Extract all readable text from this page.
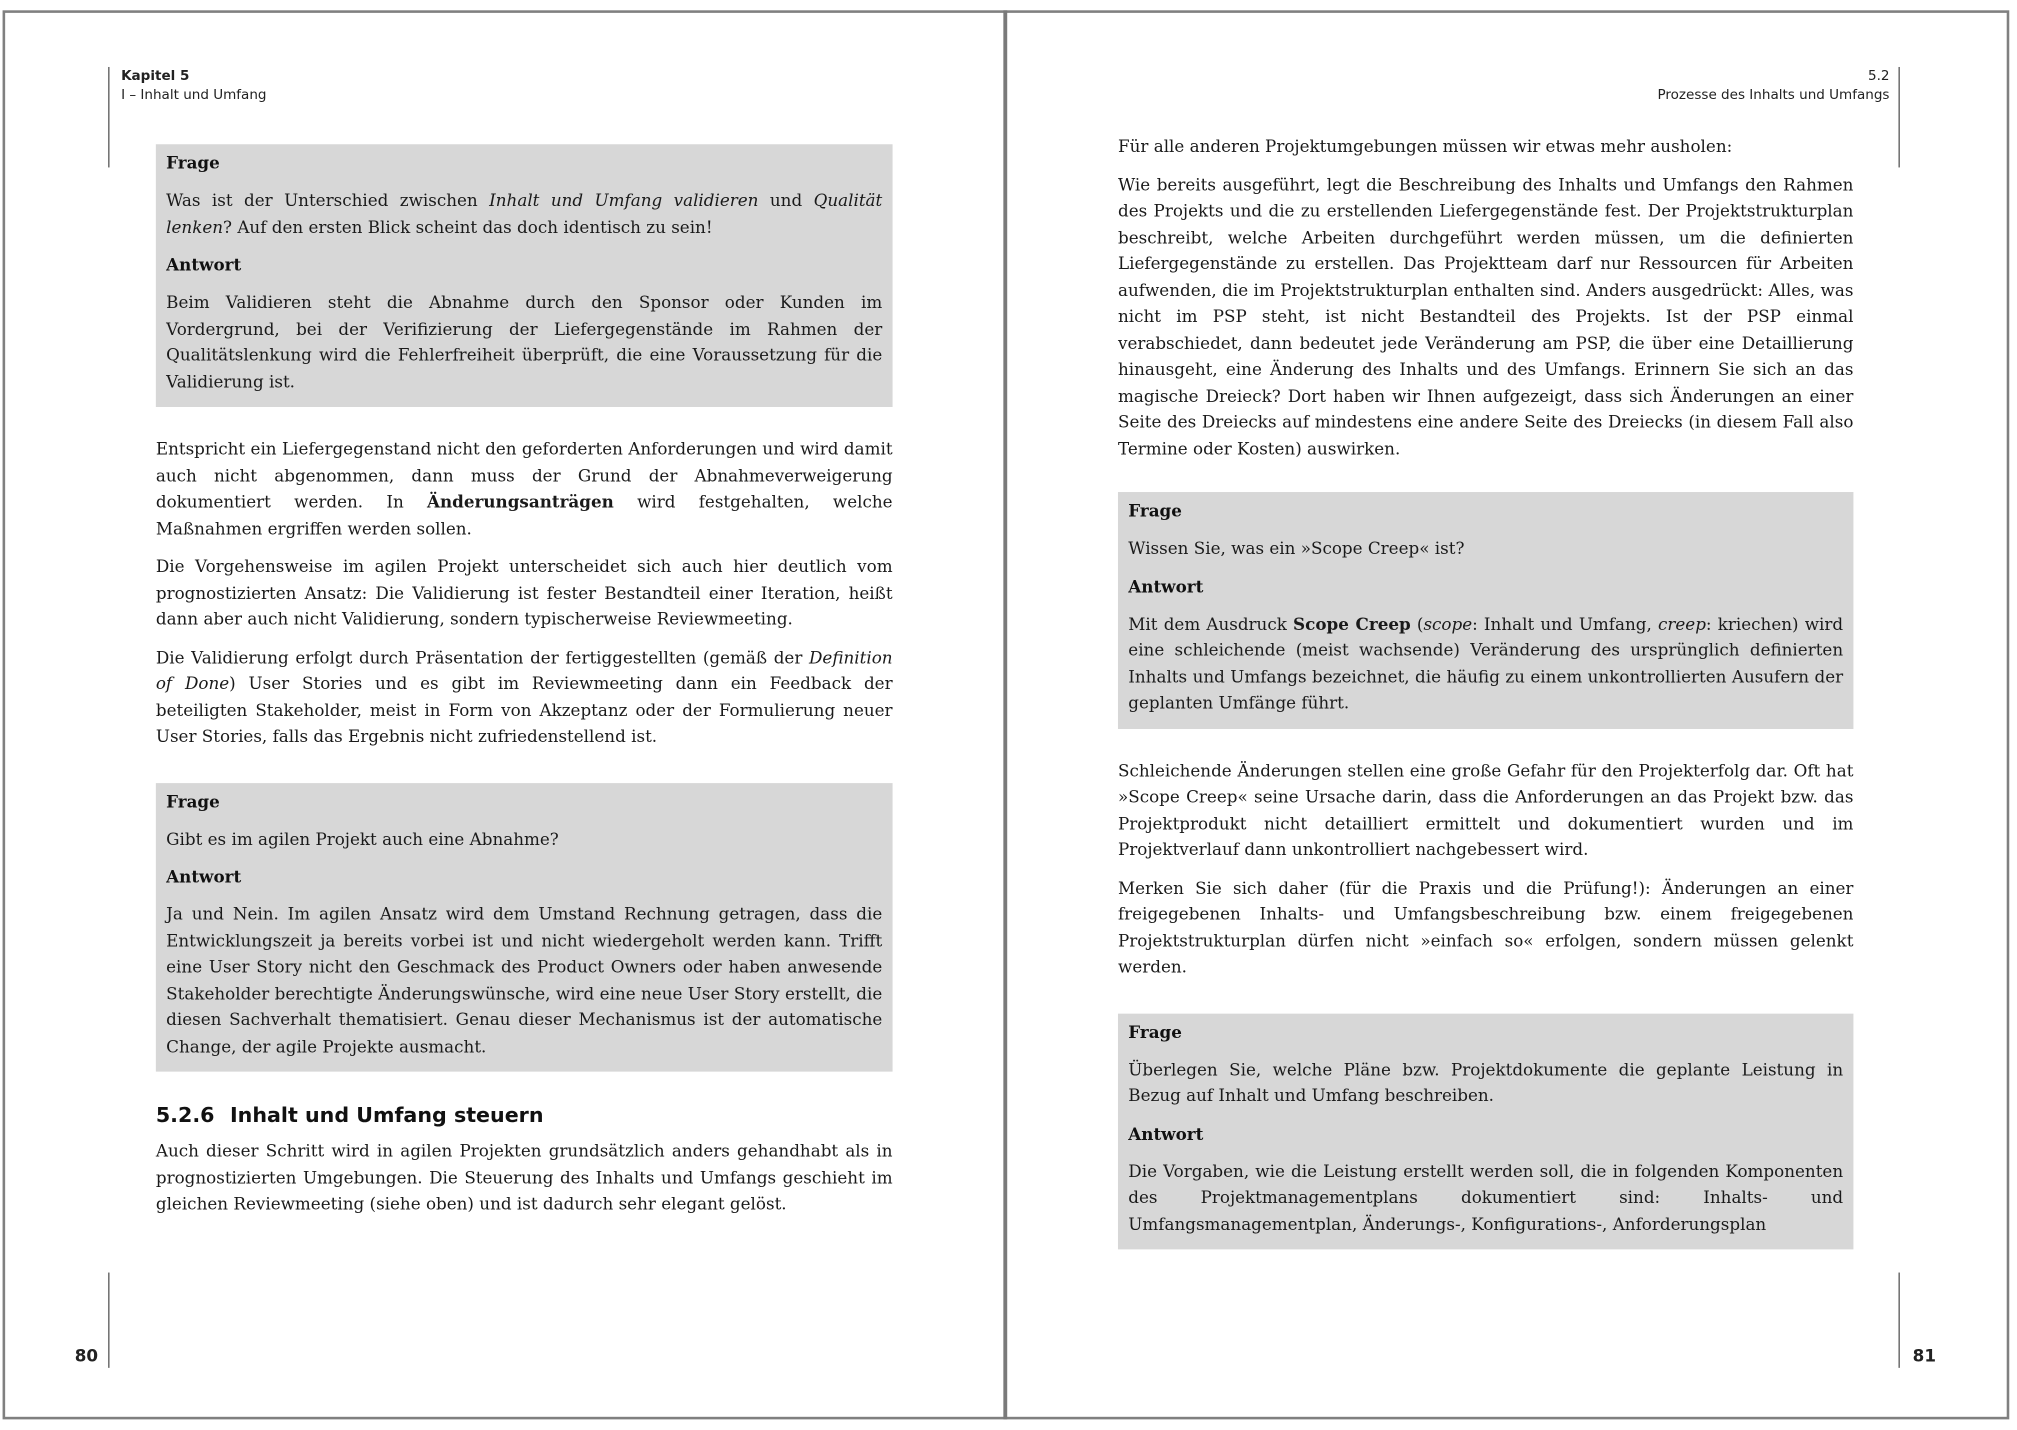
Kapitel 5
I – Inhalt und Umfang
Frage

Was ist der Unterschied zwischen Inhalt und Umfang validieren und Qualität lenken? Auf den ersten Blick scheint das doch identisch zu sein!

Antwort

Beim Validieren steht die Abnahme durch den Sponsor oder Kunden im Vordergrund, bei der Verifizierung der Liefergegenstände im Rahmen der Qualitätslenkung wird die Fehlerfreiheit überprüft, die eine Voraussetzung für die Validierung ist.

Entspricht ein Liefergegenstand nicht den geforderten Anforderungen und wird damit auch nicht abgenommen, dann muss der Grund der Abnahmeverweigerung dokumentiert werden. In Änderungsanträgen wird festgehalten, welche Maßnahmen ergriffen werden sollen.

Die Vorgehensweise im agilen Projekt unterscheidet sich auch hier deutlich vom prognostizierten Ansatz: Die Validierung ist fester Bestandteil einer Iteration, heißt dann aber auch nicht Validierung, sondern typischerweise Reviewmeeting.

Die Validierung erfolgt durch Präsentation der fertiggestellten (gemäß der Definition of Done) User Stories und es gibt im Reviewmeeting dann ein Feedback der beteiligten Stakeholder, meist in Form von Akzeptanz oder der Formulierung neuer User Stories, falls das Ergebnis nicht zufriedenstellend ist.

Frage

Gibt es im agilen Projekt auch eine Abnahme?

Antwort

Ja und Nein. Im agilen Ansatz wird dem Umstand Rechnung getragen, dass die Entwicklungszeit ja bereits vorbei ist und nicht wiedergeholt werden kann. Trifft eine User Story nicht den Geschmack des Product Owners oder haben anwesende Stakeholder berechtigte Änderungswünsche, wird eine neue User Story erstellt, die diesen Sachverhalt thematisiert. Genau dieser Mechanismus ist der automatische Change, der agile Projekte ausmacht.

5.2.6 Inhalt und Umfang steuern

Auch dieser Schritt wird in agilen Projekten grundsätzlich anders gehandhabt als in prognostizierten Umgebungen. Die Steuerung des Inhalts und Umfangs geschieht im gleichen Reviewmeeting (siehe oben) und ist dadurch sehr elegant gelöst.

80
5.2
Prozesse des Inhalts und Umfangs

Für alle anderen Projektumgebungen müssen wir etwas mehr ausholen:

Wie bereits ausgeführt, legt die Beschreibung des Inhalts und Umfangs den Rahmen des Projekts und die zu erstellenden Liefergegenstände fest. Der Projektstrukturplan beschreibt, welche Arbeiten durchgeführt werden müssen, um die definierten Liefergegenstände zu erstellen. Das Projektteam darf nur Ressourcen für Arbeiten aufwenden, die im Projektstrukturplan enthalten sind. Anders ausgedrückt: Alles, was nicht im PSP steht, ist nicht Bestandteil des Projekts. Ist der PSP einmal verabschiedet, dann bedeutet jede Veränderung am PSP, die über eine Detaillierung hinausgeht, eine Änderung des Inhalts und des Umfangs. Erinnern Sie sich an das magische Dreieck? Dort haben wir Ihnen aufgezeigt, dass sich Änderungen an einer Seite des Dreiecks auf mindestens eine andere Seite des Dreiecks (in diesem Fall also Termine oder Kosten) auswirken.

Frage

Wissen Sie, was ein »Scope Creep« ist?

Antwort

Mit dem Ausdruck Scope Creep (scope: Inhalt und Umfang, creep: kriechen) wird eine schleichende (meist wachsende) Veränderung des ursprünglich definierten Inhalts und Umfangs bezeichnet, die häufig zu einem unkontrollierten Ausufern der geplanten Umfänge führt.

Schleichende Änderungen stellen eine große Gefahr für den Projekterfolg dar. Oft hat »Scope Creep« seine Ursache darin, dass die Anforderungen an das Projekt bzw. das Projektprodukt nicht detailliert ermittelt und dokumentiert wurden und im Projektverlauf dann unkontrolliert nachgebessert wird.

Merken Sie sich daher (für die Praxis und die Prüfung!): Änderungen an einer freigegebenen Inhalts- und Umfangsbeschreibung bzw. einem freigegebenen Projektstrukturplan dürfen nicht »einfach so« erfolgen, sondern müssen gelenkt werden.

Frage

Überlegen Sie, welche Pläne bzw. Projektdokumente die geplante Leistung in Bezug auf Inhalt und Umfang beschreiben.

Antwort

Die Vorgaben, wie die Leistung erstellt werden soll, die in folgenden Komponenten des Projektmanagementplans dokumentiert sind: Inhalts- und Umfangsmanagementplan, Änderungs-, Konfigurations-, Anforderungsplan

81
